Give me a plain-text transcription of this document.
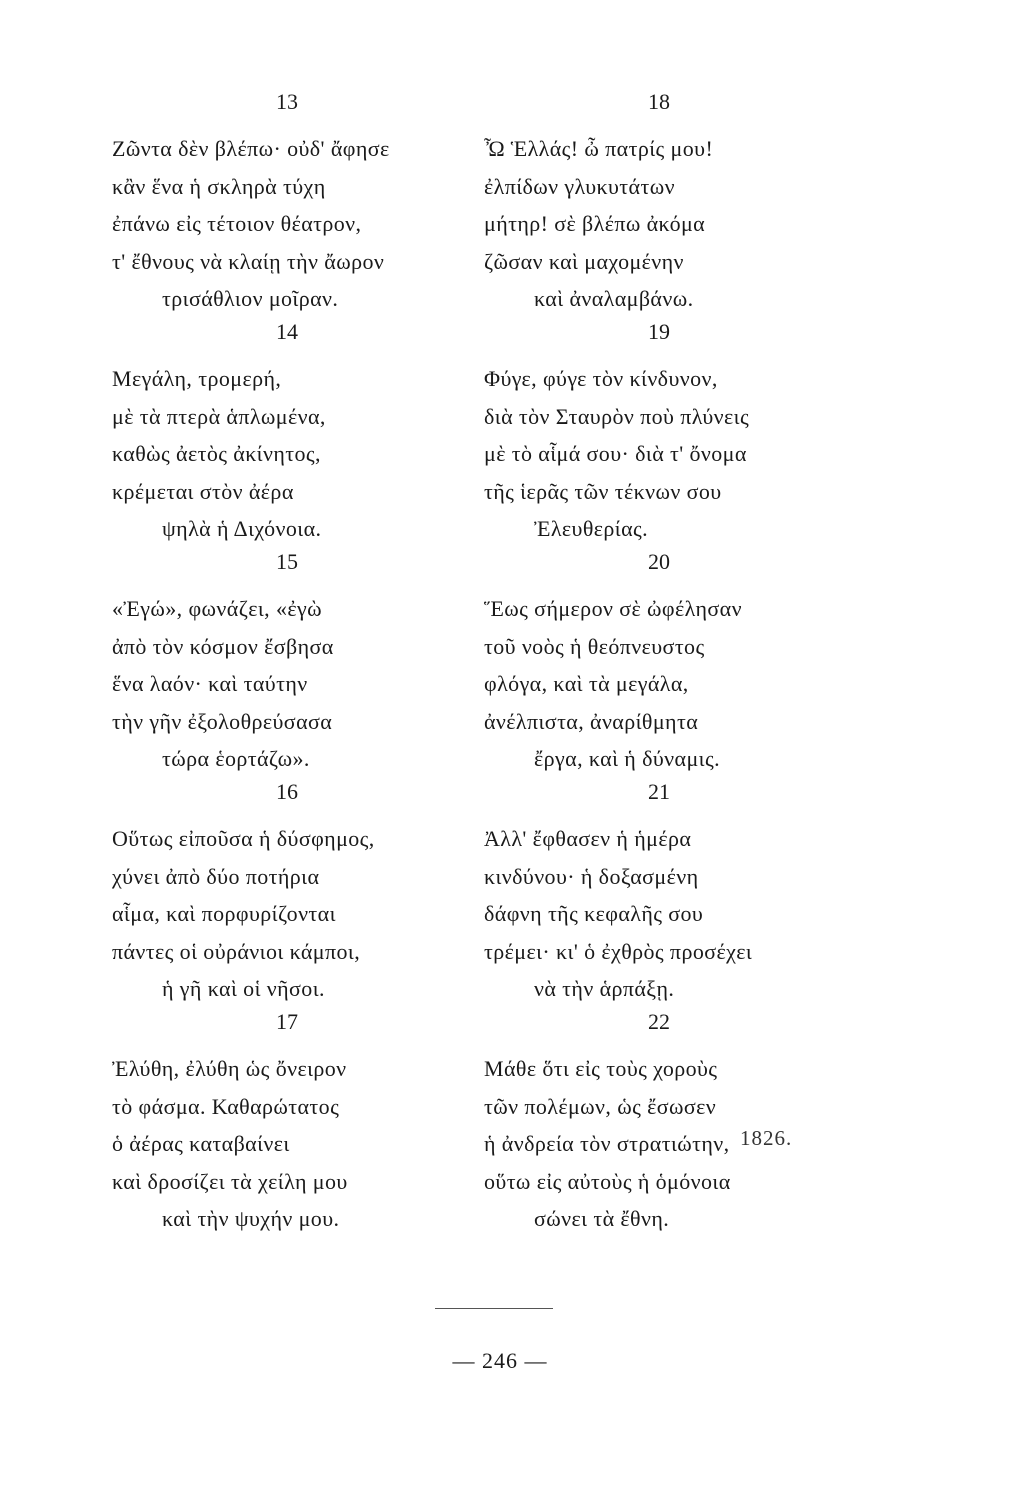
13
Ζῶντα δὲν βλέπω· οὐδ' ἄφησε
κἂν ἕνα ἡ σκληρὰ τύχη
ἐπάνω εἰς τέτοιον θέατρον,
τ' ἔθνους νὰ κλαίῃ τὴν ἄωρον
τρισάθλιον μοῖραν.
14
Μεγάλη, τρομερή,
μὲ τὰ πτερὰ ἁπλωμένα,
καθὼς ἀετὸς ἀκίνητος,
κρέμεται στὸν ἀέρα
ψηλὰ ἡ Διχόνοια.
15
«Ἐγώ», φωνάζει, «ἐγὼ
ἀπὸ τὸν κόσμον ἔσβησα
ἕνα λαόν· καὶ ταύτην
τὴν γῆν ἐξολοθρεύσασα
τώρα ἑορτάζω».
16
Οὕτως εἰποῦσα ἡ δύσφημος,
χύνει ἀπὸ δύο ποτήρια
αἷμα, καὶ πορφυρίζονται
πάντες οἱ οὐράνιοι κάμποι,
ἡ γῆ καὶ οἱ νῆσοι.
17
Ἐλύθη, ἐλύθη ὡς ὄνειρον
τὸ φάσμα. Καθαρώτατος
ὁ ἀέρας καταβαίνει
καὶ δροσίζει τὰ χείλη μου
καὶ τὴν ψυχήν μου.
18
Ὦ Ἑλλάς! ὦ πατρίς μου!
ἐλπίδων γλυκυτάτων
μήτηρ! σὲ βλέπω ἀκόμα
ζῶσαν καὶ μαχομένην
καὶ ἀναλαμβάνω.
19
Φύγε, φύγε τὸν κίνδυνον,
διὰ τὸν Σταυρὸν ποὺ πλύνεις
μὲ τὸ αἷμά σου· διὰ τ' ὄνομα
τῆς ἱερᾶς τῶν τέκνων σου
Ἐλευθερίας.
20
Ἕως σήμερον σὲ ὠφέλησαν
τοῦ νοὸς ἡ θεόπνευστος
φλόγα, καὶ τὰ μεγάλα,
ἀνέλπιστα, ἀναρίθμητα
ἔργα, καὶ ἡ δύναμις.
21
Ἀλλ' ἔφθασεν ἡ ἡμέρα
κινδύνου· ἡ δοξασμένη
δάφνη τῆς κεφαλῆς σου
τρέμει· κι' ὁ ἐχθρὸς προσέχει
νὰ τὴν ἁρπάξῃ.
22
Μάθε ὅτι εἰς τοὺς χοροὺς
τῶν πολέμων, ὡς ἔσωσεν
ἡ ἀνδρεία τὸν στρατιώτην,
οὕτω εἰς αὐτοὺς ἡ ὁμόνοια
σώνει τὰ ἔθνη.
1826.
— 246 —
